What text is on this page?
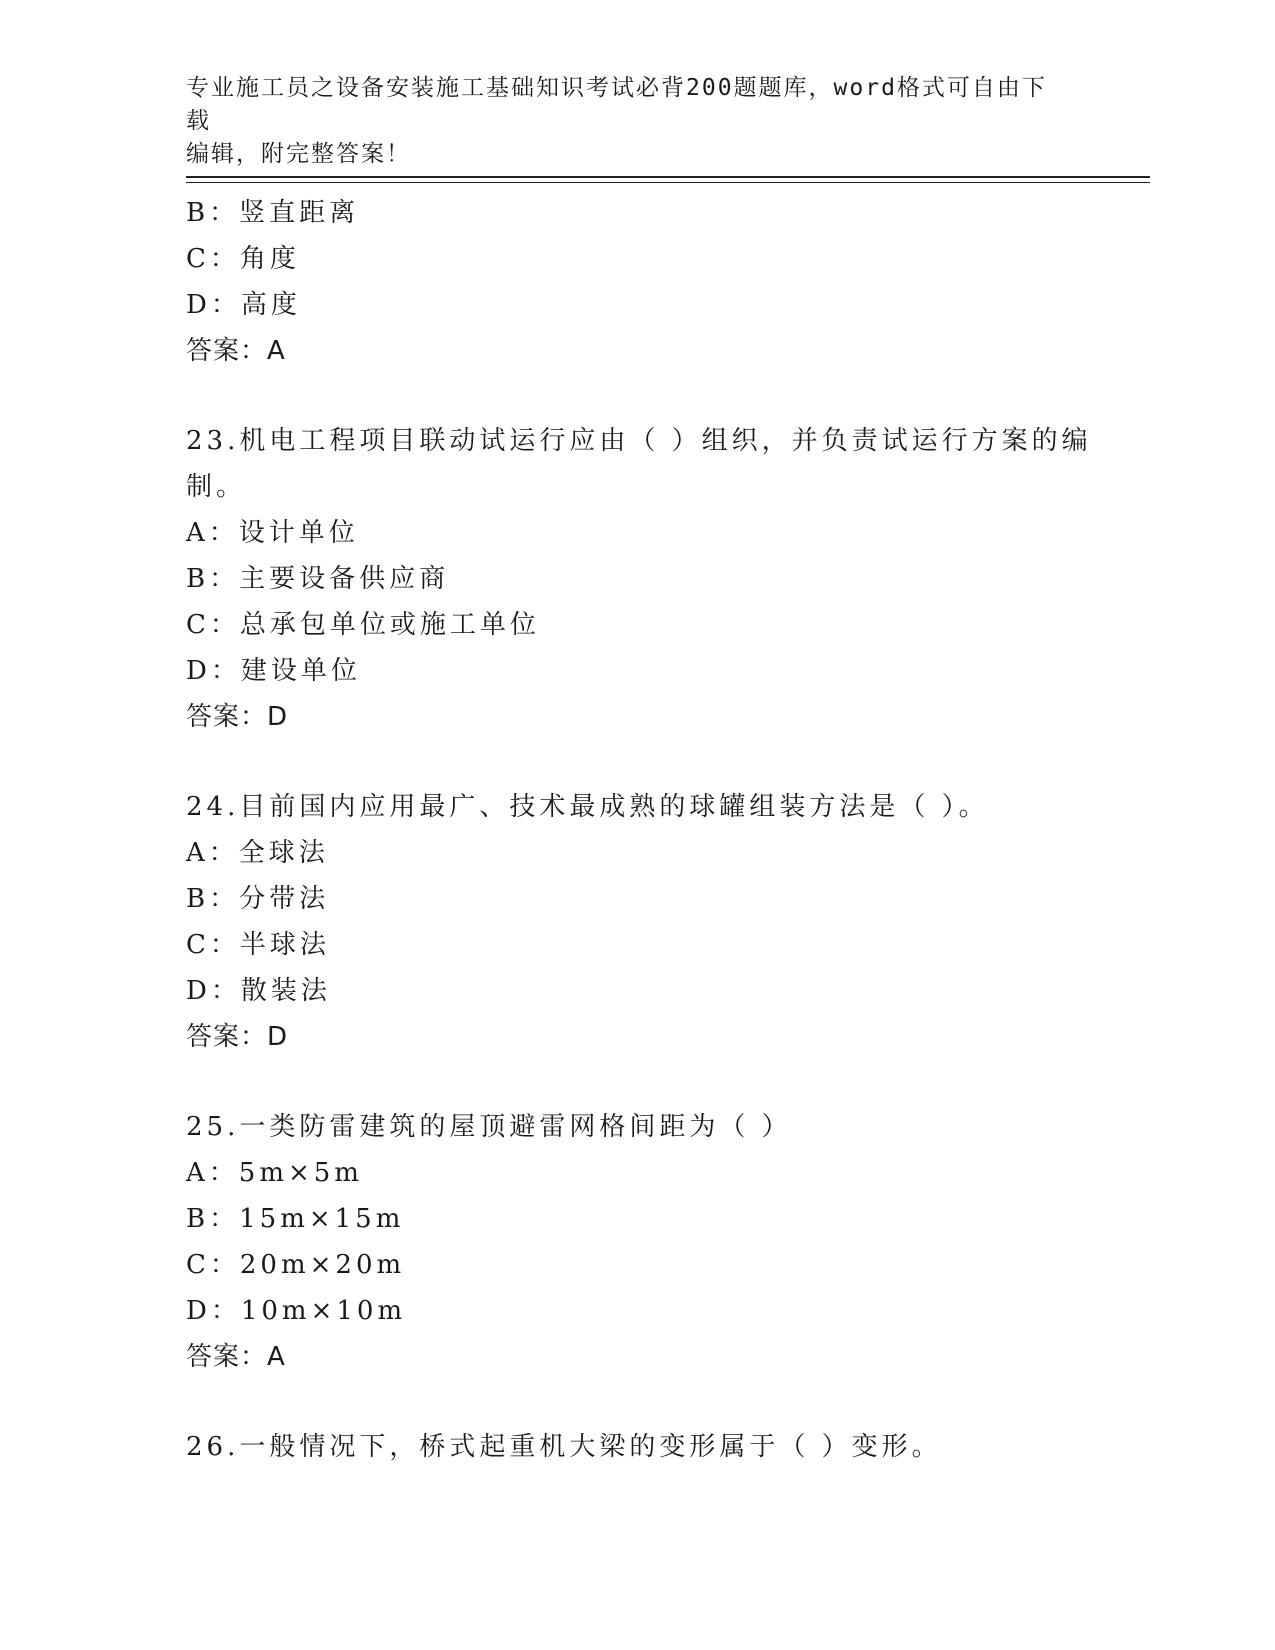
专业施工员之设备安装施工基础知识考试必背200题题库，word格式可自由下载
编辑，附完整答案！
B：竖直距离
C：角度
D：高度
答案：A
23.机电工程项目联动试运行应由（ ）组织，并负责试运行方案的编
制。
A：设计单位
B：主要设备供应商
C：总承包单位或施工单位
D：建设单位
答案：D
24.目前国内应用最广、技术最成熟的球罐组装方法是（ ）。
A：全球法
B：分带法
C：半球法
D：散装法
答案：D
25.一类防雷建筑的屋顶避雷网格间距为（ ）
A：5m×5m
B：15m×15m
C：20m×20m
D：10m×10m
答案：A
26.一般情况下，桥式起重机大梁的变形属于（ ）变形。
